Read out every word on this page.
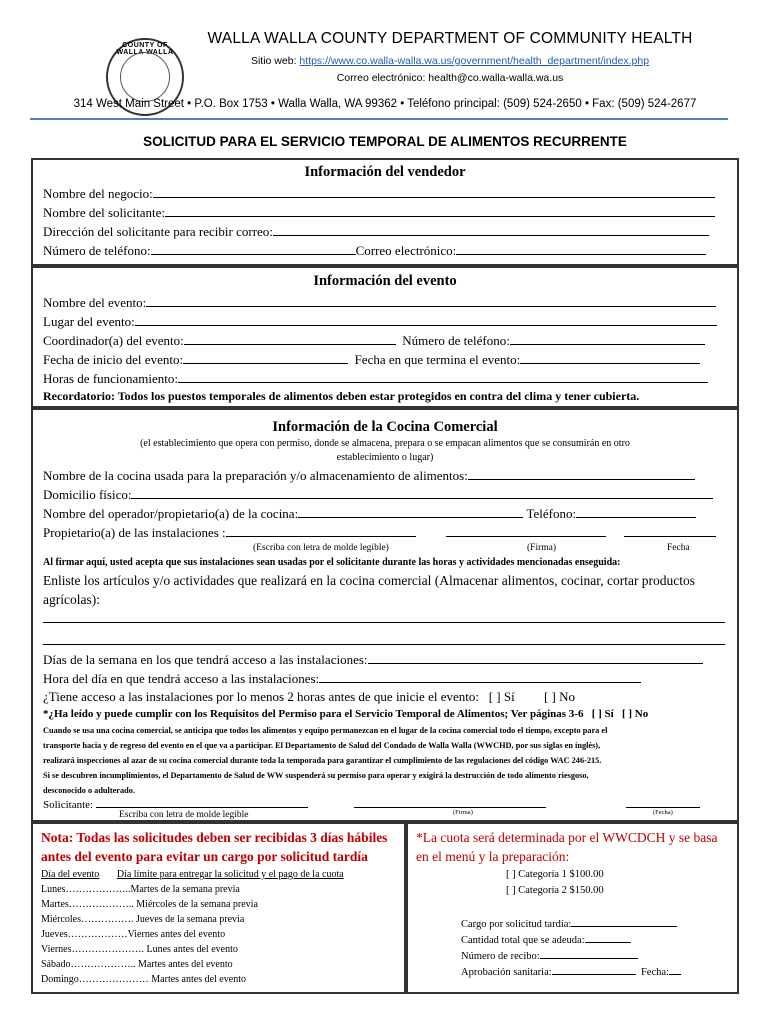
COUNTY OF WALLA WALLA
WALLA WALLA COUNTY DEPARTMENT OF COMMUNITY HEALTH
Sitio web: https://www.co.walla-walla.wa.us/government/health_department/index.php
Correo electrónico: health@co.walla-walla.wa.us
314 West Main Street • P.O. Box 1753 • Walla Walla, WA 99362 • Teléfono principal: (509) 524-2650 • Fax: (509) 524-2677
SOLICITUD PARA EL SERVICIO TEMPORAL DE ALIMENTOS RECURRENTE
Información del vendedor
Nombre del negocio:
Nombre del solicitante:
Dirección del solicitante para recibir correo:
Número de teléfono:	Correo electrónico:
Información del evento
Nombre del evento:
Lugar del evento:
Coordinador(a) del evento:	Número de teléfono:
Fecha de inicio del evento:	Fecha en que termina el evento:
Horas de funcionamiento:
Recordatorio: Todos los puestos temporales de alimentos deben estar protegidos en contra del clima y tener cubierta.
Información de la Cocina Comercial
(el establecimiento que opera con permiso, donde se almacena, prepara o se empacan alimentos que se consumirán en otro
establecimiento o lugar)
Nombre de la cocina usada para la preparación y/o almacenamiento de alimentos:
Domicilio físico:
Nombre del operador/propietario(a) de la cocina:	Teléfono:
Propietario(a) de las instalaciones :
(Escriba con letra de molde legible)	(Firma)	Fecha
Al firmar aquí, usted acepta que sus instalaciones sean usadas por el solicitante durante las horas y actividades mencionadas enseguida:
Enliste los artículos y/o actividades que realizará en la cocina comercial (Almacenar alimentos, cocinar, cortar productos
agrícolas):
Días de la semana en los que tendrá acceso a las instalaciones:
Hora del día en que tendrá acceso a las instalaciones:
¿Tiene acceso a las instalaciones por lo menos 2 horas antes de que inicie el evento: [ ] Sí [ ] No
*¿Ha leído y puede cumplir con los Requisitos del Permiso para el Servicio Temporal de Alimentos; Ver páginas 3-6 [ ] Sí [ ] No
Cuando se usa una cocina comercial, se anticipa que todos los alimentos y equipo permanezcan en el lugar de la cocina comercial todo el tiempo, excepto para el
transporte hacia y de regreso del evento en el que va a participar. El Departamento de Salud del Condado de Walla Walla (WWCHD, por sus siglas en inglés),
realizará inspecciones al azar de su cocina comercial durante toda la temporada para garantizar el cumplimiento de las regulaciones del código WAC 246-215.
Si se descubren incumplimientos, el Departamento de Salud de WW suspenderá su permiso para operar y exigirá la destrucción de todo alimento riesgoso,
desconocido o adulterado.
Solicitante:
Escriba con letra de molde legible	(Firma)	(Fecha)
Nota: Todas las solicitudes deben ser recibidas 3 días hábiles
antes del evento para evitar un cargo por solicitud tardía
Día del evento Día límite para entregar la solicitud y el pago de la cuota
Lunes………………..Martes de la semana previa
Martes……………….. Miércoles de la semana previa
Miércoles……………. Jueves de la semana previa
Jueves………………Viernes antes del evento
Viernes…………………. Lunes antes del evento
Sábado……………….. Martes antes del evento
Domingo………………… Martes antes del evento
*La cuota será determinada por el WWCDCH y se basa
en el menú y la preparación:
[ ] Categoría 1 $100.00
[ ] Categoría 2 $150.00
Cargo por solicitud tardía:
Cantidad total que se adeuda:
Número de recibo:
Aprobación sanitaria:	Fecha:
